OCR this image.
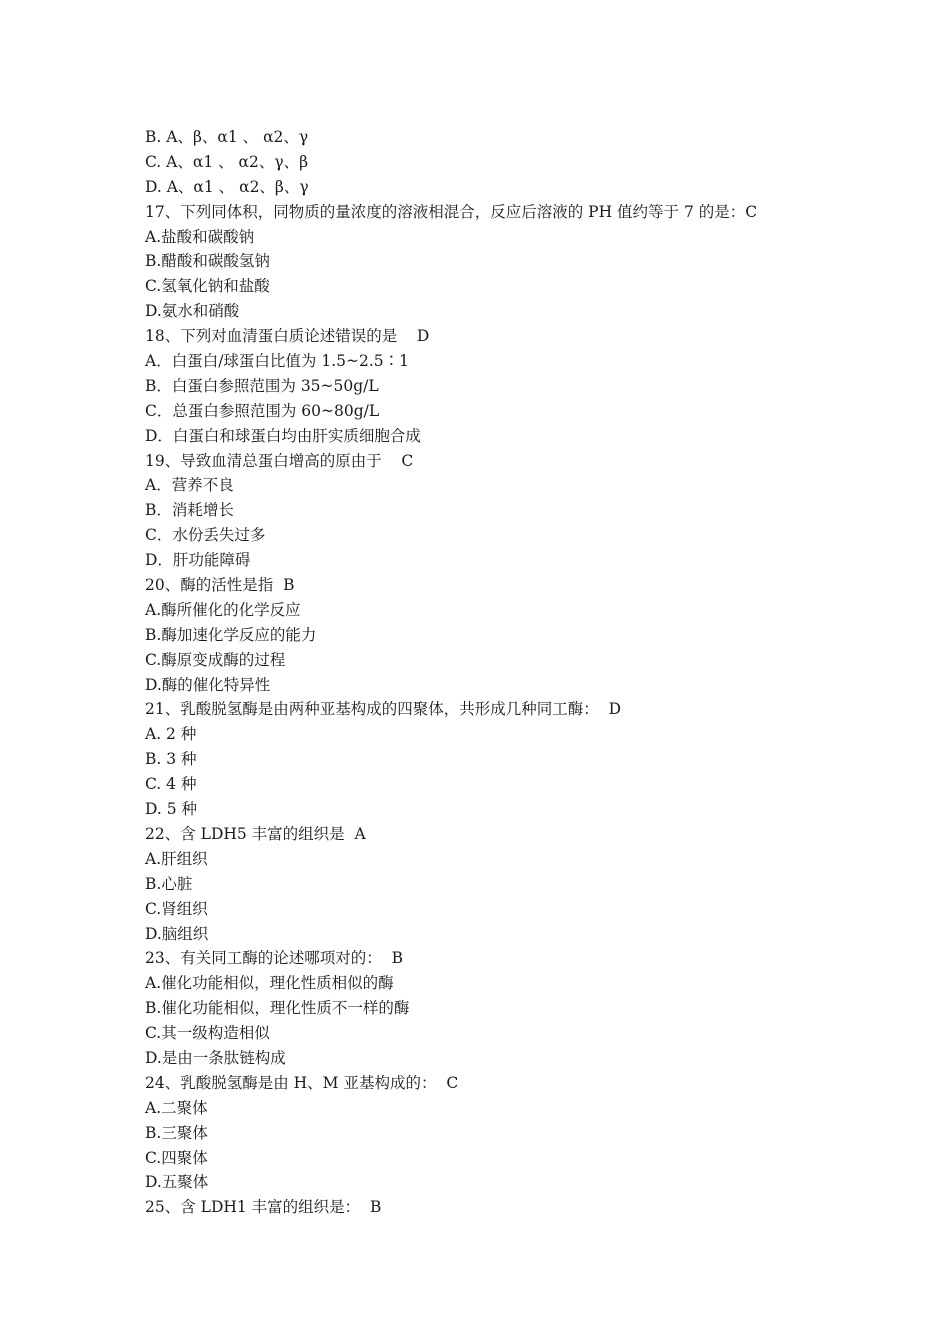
B. A、β、α1 、 α2、γ
C. A、α1 、 α2、γ、β
D. A、α1 、 α2、β、γ
17、下列同体积，同物质的量浓度的溶液相混合，反应后溶液的 PH 值约等于 7 的是：C
A.盐酸和碳酸钠
B.醋酸和碳酸氢钠
C.氢氧化钠和盐酸
D.氨水和硝酸
18、下列对血清蛋白质论述错误的是    D
A．白蛋白/球蛋白比值为 1.5~2.5∶1
B．白蛋白参照范围为 35~50g/L
C．总蛋白参照范围为 60~80g/L
D．白蛋白和球蛋白均由肝实质细胞合成
19、导致血清总蛋白增高的原由于    C
A．营养不良
B．消耗增长
C．水份丢失过多
D．肝功能障碍
20、酶的活性是指  B
A.酶所催化的化学反应
B.酶加速化学反应的能力
C.酶原变成酶的过程
D.酶的催化特异性
21、乳酸脱氢酶是由两种亚基构成的四聚体，共形成几种同工酶：  D
A. 2 种
B. 3 种
C. 4 种
D. 5 种
22、含 LDH5 丰富的组织是  A
A.肝组织
B.心脏
C.肾组织
D.脑组织
23、有关同工酶的论述哪项对的：  B
A.催化功能相似，理化性质相似的酶
B.催化功能相似，理化性质不一样的酶
C.其一级构造相似
D.是由一条肽链构成
24、乳酸脱氢酶是由 H、M 亚基构成的：  C
A.二聚体
B.三聚体
C.四聚体
D.五聚体
25、含 LDH1 丰富的组织是：  B
